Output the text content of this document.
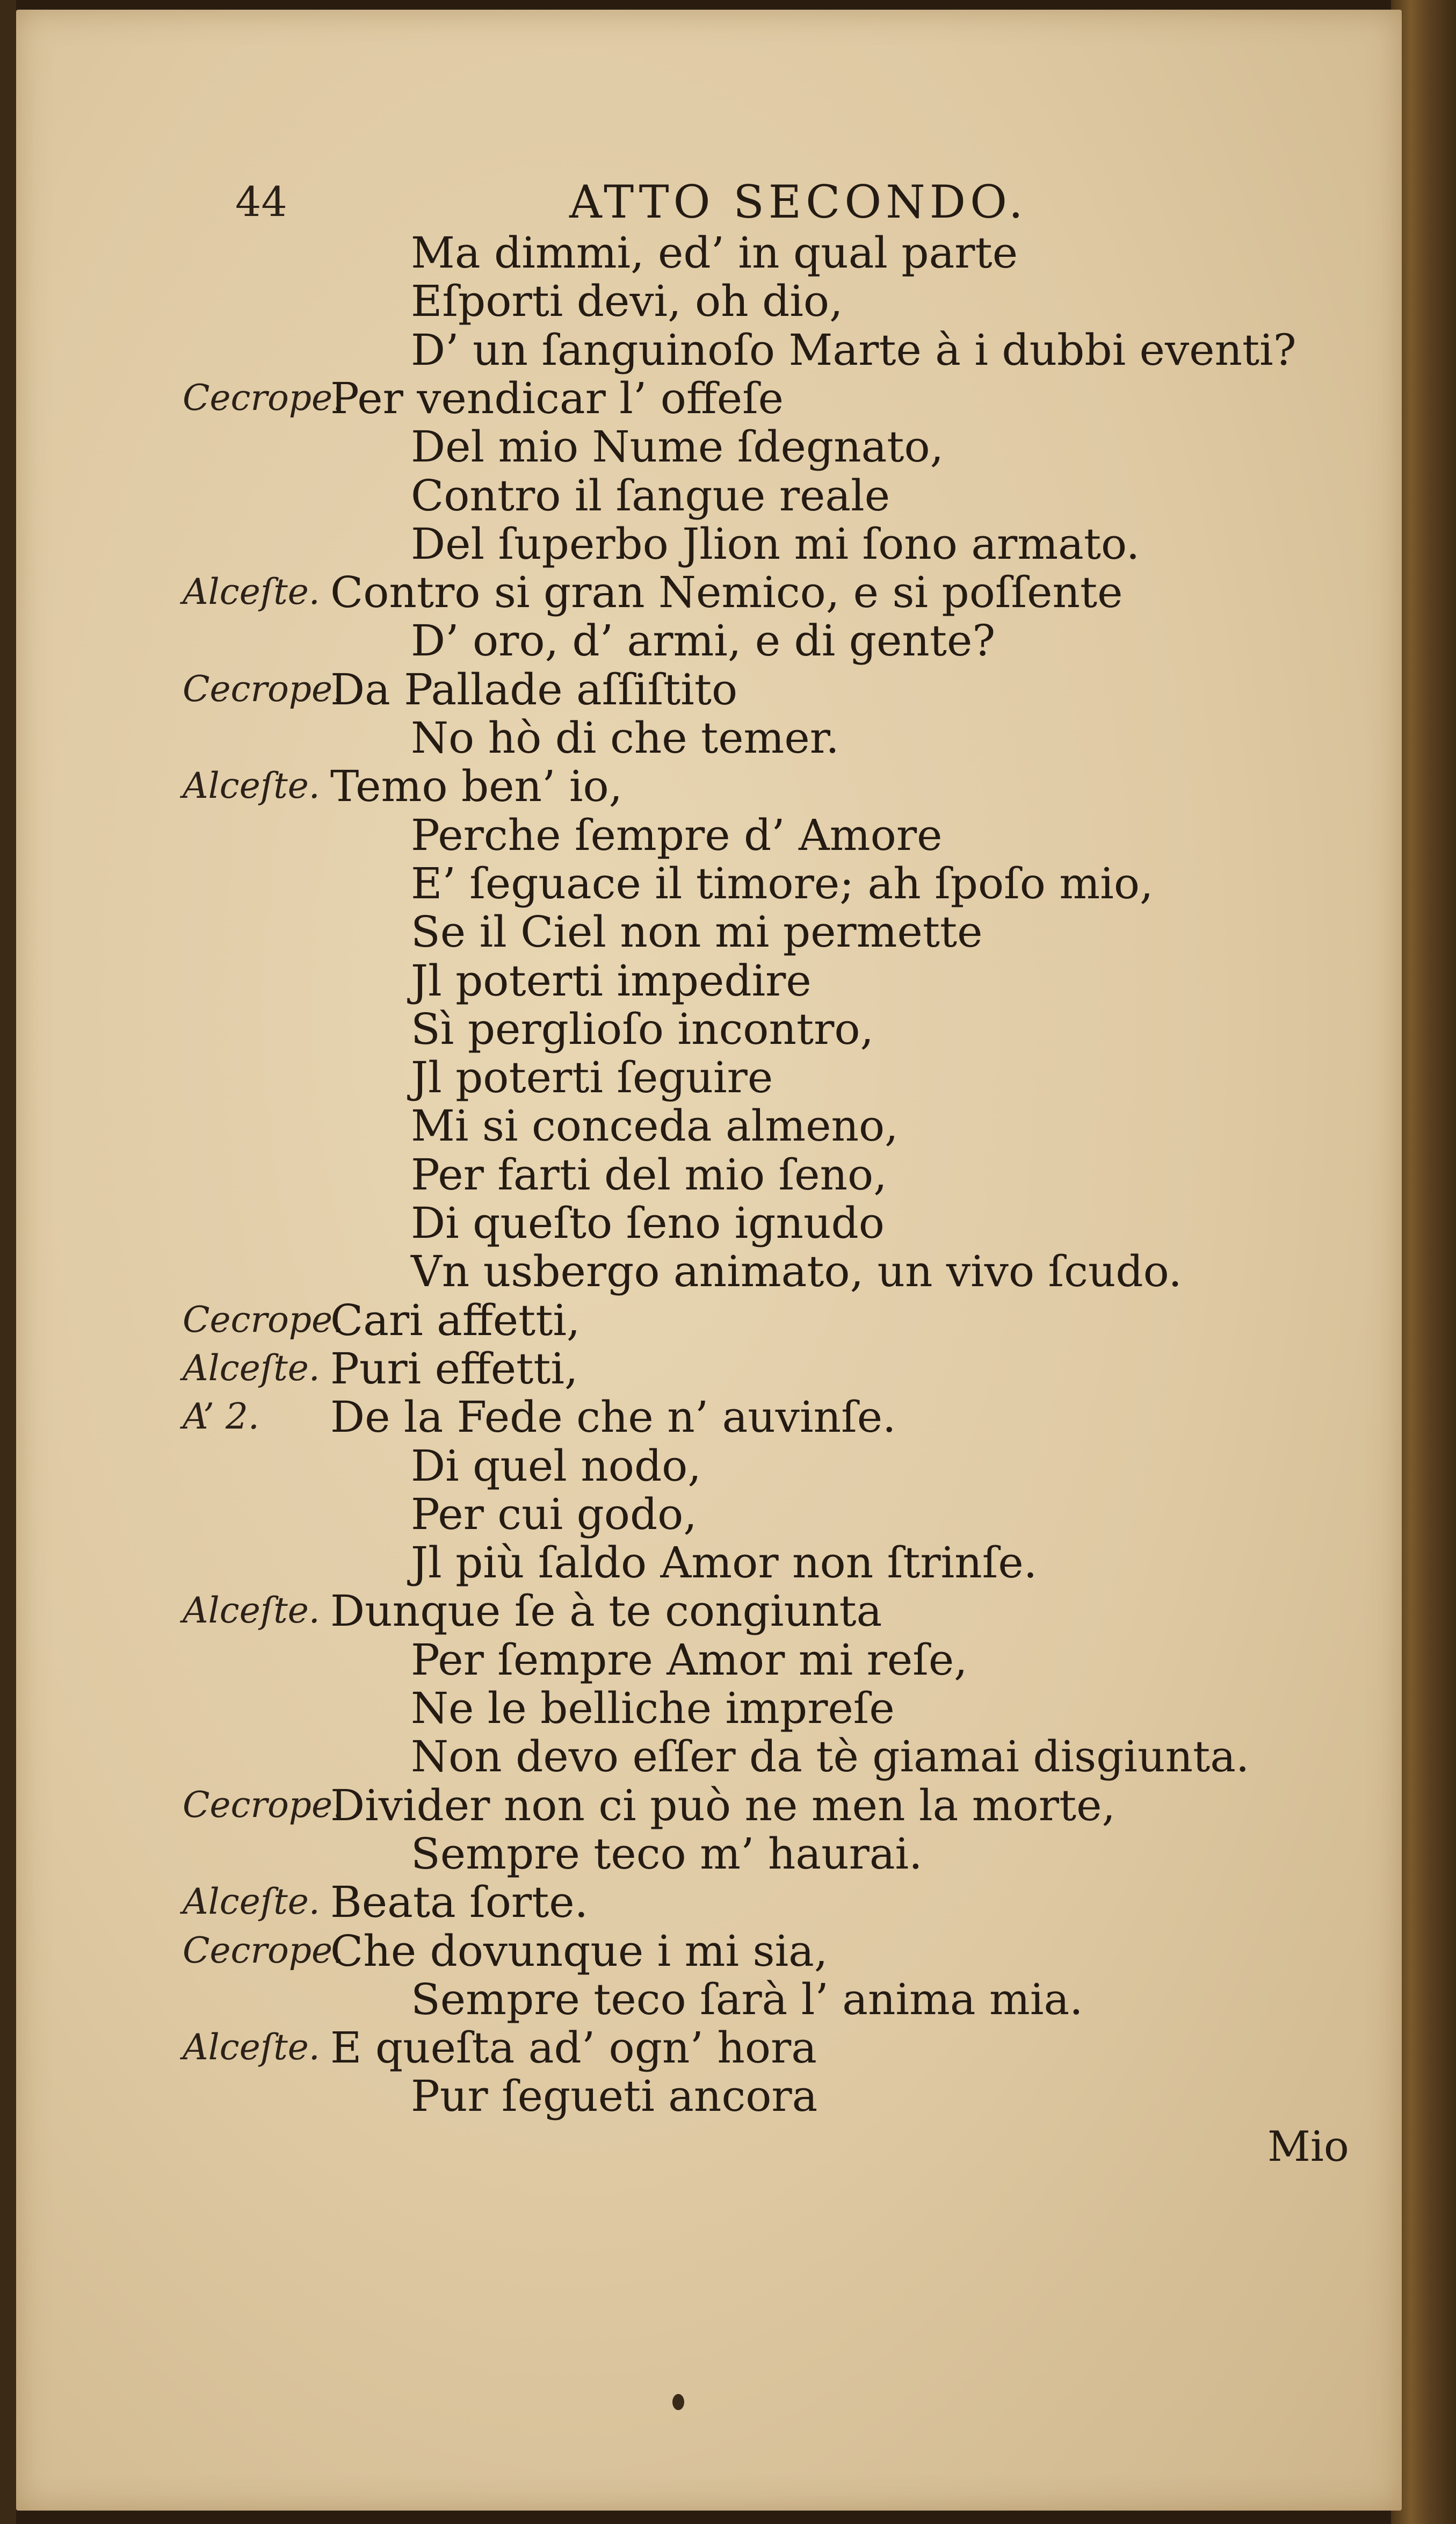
44	ATTO SECONDO.
Ma dimmi, ed’ in qual parte
Eſporti devi, oh dio,
D’ un ſanguinoſo Marte à i dubbi eventi?
Cecrope.
Per vendicar l’ offeſe
Del mio Nume ſdegnato,
Contro il ſangue reale
Del ſuperbo Jlion mi ſono armato.
Alceſte. Contro si gran Nemico, e si poſſente
D’ oro, d’ armi, e di gente?
Cecrope.
Da Pallade aſſiſtito
No hò di che temer.
Alceſte. Temo ben’ io,
Perche ſempre d’ Amore
E’ ſeguace il timore; ah ſpoſo mio,
Se il Ciel non mi permette
Jl poterti impedire
Sì perglioſo incontro,
Jl poterti ſeguire
Mi si conceda almeno,
Per farti del mio ſeno,
Di queſto ſeno ignudo
Vn usbergo animato, un vivo ſcudo.
Cecrope.
Cari affetti,
Alceſte. Puri effetti,
A’ 2. De la Fede che n’ auvinſe.
Di quel nodo,
Per cui godo,
Jl più ſaldo Amor non ſtrinſe.
Alceſte. Dunque ſe à te congiunta
Per ſempre Amor mi reſe,
Ne le belliche impreſe
Non devo eſſer da tè giamai disgiunta.
Cecrope.
Divider non ci può ne men la morte,
Sempre teco m’ haurai.
Alceſte. Beata ſorte.
Cecrope.
Che dovunque i mi sia,
Sempre teco ſarà l’ anima mia.
Alceſte. E queſta ad’ ogn’ hora
Pur ſegueti ancora
Mio
